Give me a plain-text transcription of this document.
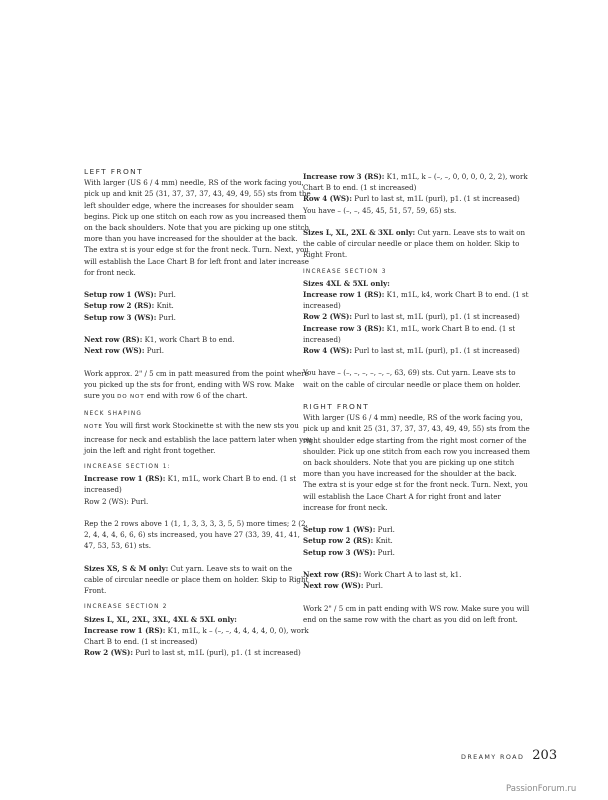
LEFT FRONT

With larger (US 6 / 4 mm) needle, RS of the work facing you, pick up and knit 25 (31, 37, 37, 37, 43, 49, 49, 55) sts from the left shoulder edge, where the increases for shoulder seam begins. Pick up one stitch on each row as you increased them on the back shoulders. Note that you are picking up one stitch more than you have increased for the shoulder at the back. The extra st is your edge st for the front neck. Turn. Next, you will establish the Lace Chart B for left front and later increase for front neck.

Setup row 1 (WS): Purl.

Setup row 2 (RS): Knit.

Setup row 3 (WS): Purl.

Next row (RS): K1, work Chart B to end.

Next row (WS): Purl.

Work approx. 2" / 5 cm in patt measured from the point where you picked up the sts for front, ending with WS row. Make sure you DO NOT end with row 6 of the chart.

NECK SHAPING

NOTE You will first work Stockinette st with the new sts you increase for neck and establish the lace pattern later when you join the left and right front together.

INCREASE SECTION 1:

Increase row 1 (RS): K1, m1L, work Chart B to end. (1 st increased)

Row 2 (WS): Purl.

Rep the 2 rows above 1 (1, 1, 3, 3, 3, 3, 5, 5) more times; 2 (2, 2, 4, 4, 4, 6, 6, 6) sts increased, you have 27 (33, 39, 41, 41, 47, 53, 53, 61) sts.

Sizes XS, S & M only: Cut yarn. Leave sts to wait on the cable of circular needle or place them on holder. Skip to Right Front.

INCREASE SECTION 2

Sizes L, XL, 2XL, 3XL, 4XL & 5XL only:

Increase row 1 (RS): K1, m1L, k – (–, –, 4, 4, 4, 4, 0, 0), work Chart B to end. (1 st increased)

Row 2 (WS): Purl to last st, m1L (purl), p1. (1 st increased)

Increase row 3 (RS): K1, m1L, k – (–, –, 0, 0, 0, 0, 2, 2), work Chart B to end. (1 st increased)

Row 4 (WS): Purl to last st, m1L (purl), p1. (1 st increased)

You have – (–, –, 45, 45, 51, 57, 59, 65) sts.

Sizes L, XL, 2XL & 3XL only: Cut yarn. Leave sts to wait on the cable of circular needle or place them on holder. Skip to Right Front.

INCREASE SECTION 3

Sizes 4XL & 5XL only:

Increase row 1 (RS): K1, m1L, k4, work Chart B to end. (1 st increased)

Row 2 (WS): Purl to last st, m1L (purl), p1. (1 st increased)

Increase row 3 (RS): K1, m1L, work Chart B to end. (1 st increased)

Row 4 (WS): Purl to last st, m1L (purl), p1. (1 st increased)

You have – (–, –, –, –, –, –, 63, 69) sts. Cut yarn. Leave sts to wait on the cable of circular needle or place them on holder.

RIGHT FRONT

With larger (US 6 / 4 mm) needle, RS of the work facing you, pick up and knit 25 (31, 37, 37, 37, 43, 49, 49, 55) sts from the right shoulder edge starting from the right most corner of the shoulder. Pick up one stitch from each row you increased them on back shoulders. Note that you are picking up one stitch more than you have increased for the shoulder at the back. The extra st is your edge st for the front neck. Turn. Next, you will establish the Lace Chart A for right front and later increase for front neck.

Setup row 1 (WS): Purl.

Setup row 2 (RS): Knit.

Setup row 3 (WS): Purl.

Next row (RS): Work Chart A to last st, k1.

Next row (WS): Purl.

Work 2" / 5 cm in patt ending with WS row. Make sure you will end on the same row with the chart as you did on left front.

DREAMY ROAD 203
PassionForum.ru
